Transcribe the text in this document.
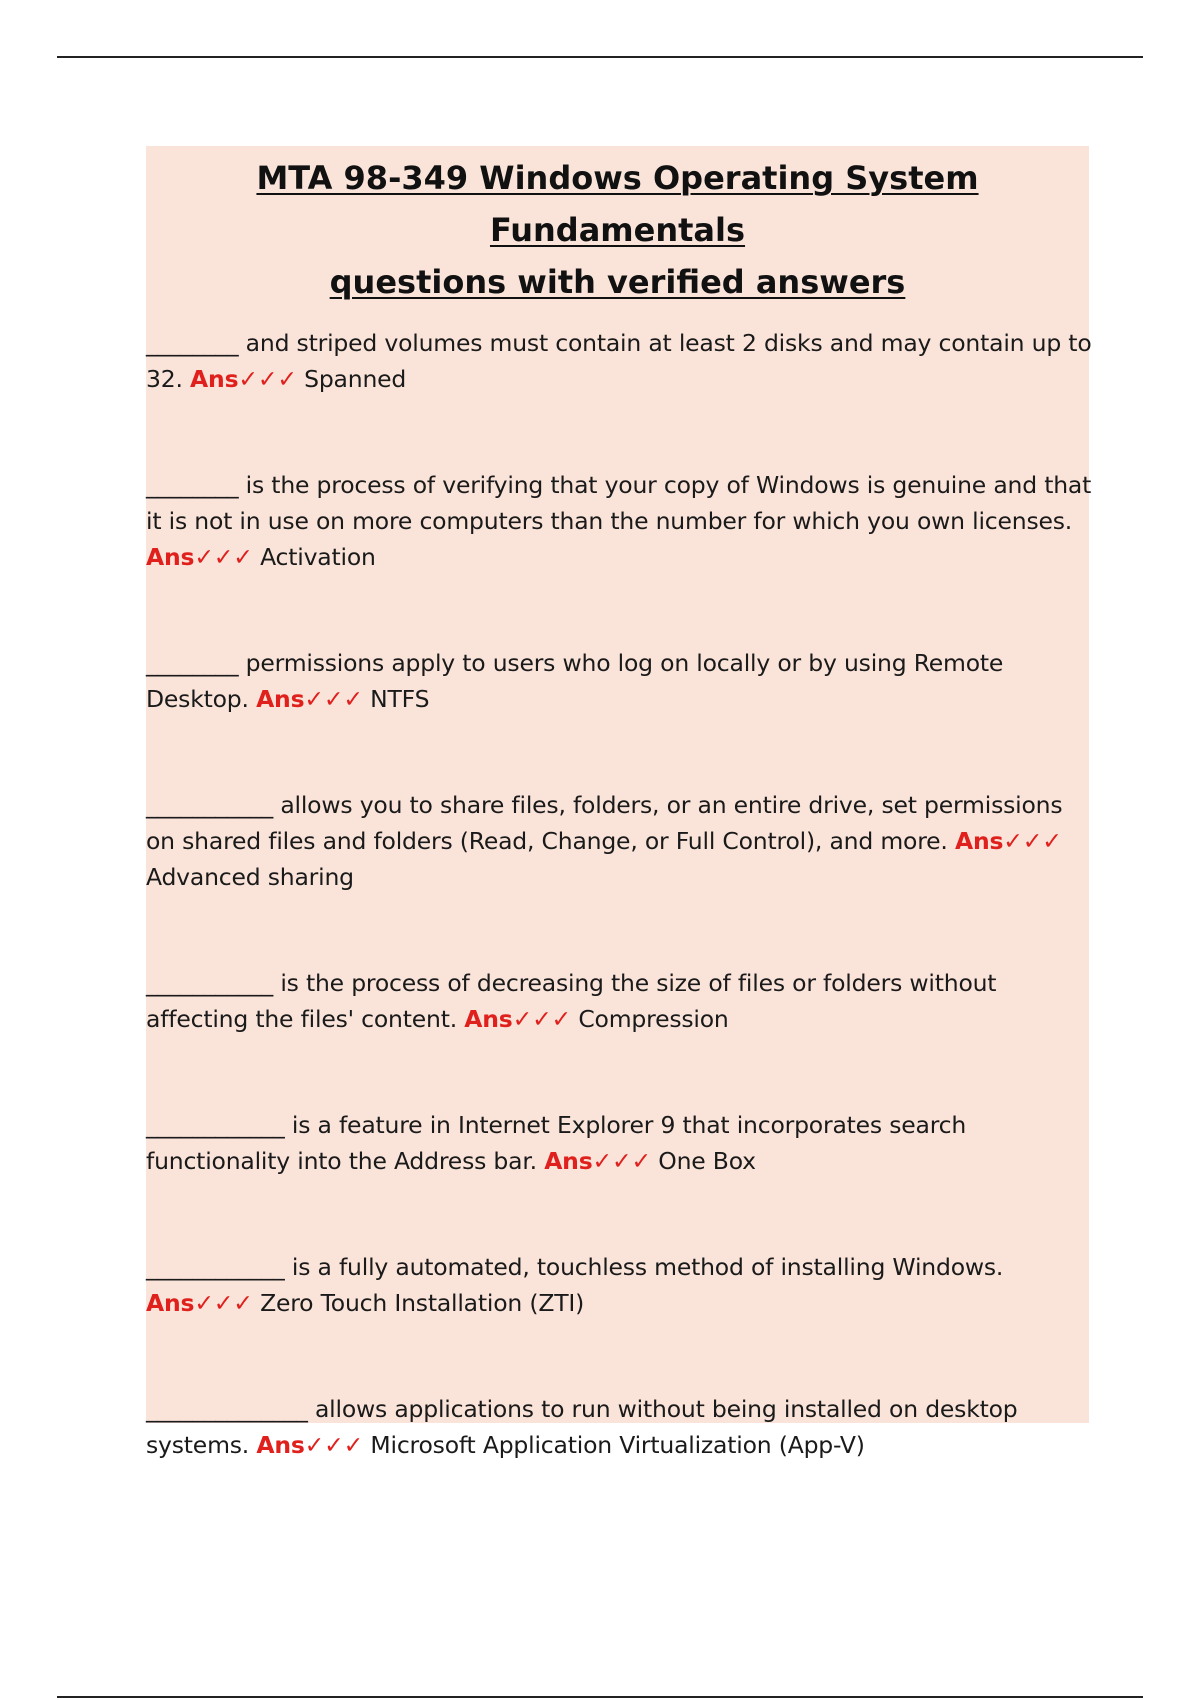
MTA 98-349 Windows Operating System Fundamentals
questions with verified answers

________ and striped volumes must contain at least 2 disks and may contain up to
32. Ans✓✓✓ Spanned

________ is the process of verifying that your copy of Windows is genuine and that
it is not in use on more computers than the number for which you own licenses.
Ans✓✓✓ Activation

________ permissions apply to users who log on locally or by using Remote
Desktop. Ans✓✓✓ NTFS

___________ allows you to share files, folders, or an entire drive, set permissions
on shared files and folders (Read, Change, or Full Control), and more. Ans✓✓✓
Advanced sharing

___________ is the process of decreasing the size of files or folders without
affecting the files' content. Ans✓✓✓ Compression

____________ is a feature in Internet Explorer 9 that incorporates search
functionality into the Address bar. Ans✓✓✓ One Box

____________ is a fully automated, touchless method of installing Windows.
Ans✓✓✓ Zero Touch Installation (ZTI)

______________ allows applications to run without being installed on desktop
systems. Ans✓✓✓ Microsoft Application Virtualization (App-V)
